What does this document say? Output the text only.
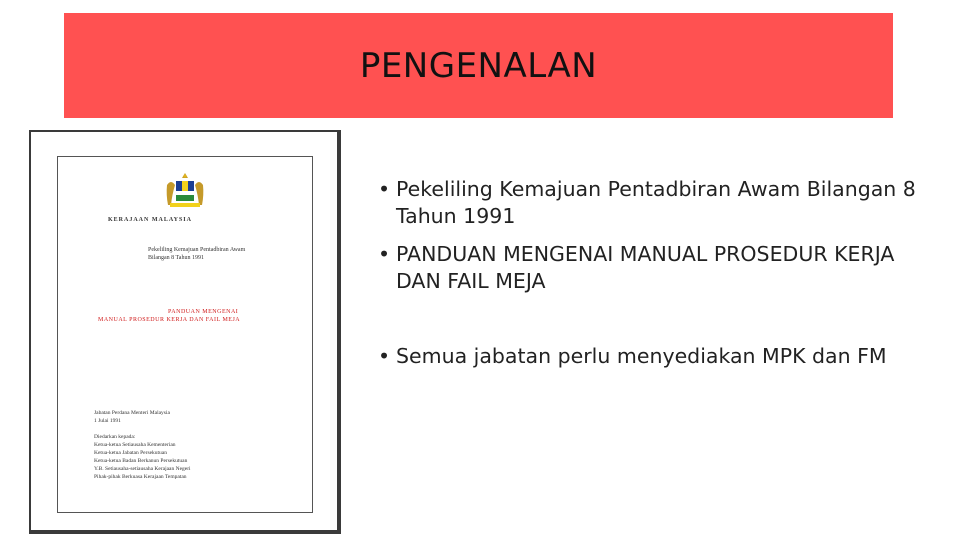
PENGENALAN
KERAJAAN MALAYSIA
Pekeliling Kemajuan Pentadbiran Awam
Bilangan 8 Tahun 1991
PANDUAN MENGENAI
MANUAL PROSEDUR KERJA DAN FAIL MEJA
Jabatan Perdana Menteri Malaysia
1 Julai 1991
Diedarkan kepada:
Ketua-ketua Setiausaha Kementerian
Ketua-ketua Jabatan Persekutuan
Ketua-ketua Badan Berkanun Persekutuan
Y.B. Setiausaha-setiausaha Kerajaan Negeri
Pihak-pihak Berkuasa Kerajaan Tempatan
• Pekeliling Kemajuan Pentadbiran Awam Bilangan 8 Tahun 1991
• PANDUAN MENGENAI MANUAL PROSEDUR KERJA DAN FAIL MEJA
• Semua jabatan perlu menyediakan MPK dan FM
